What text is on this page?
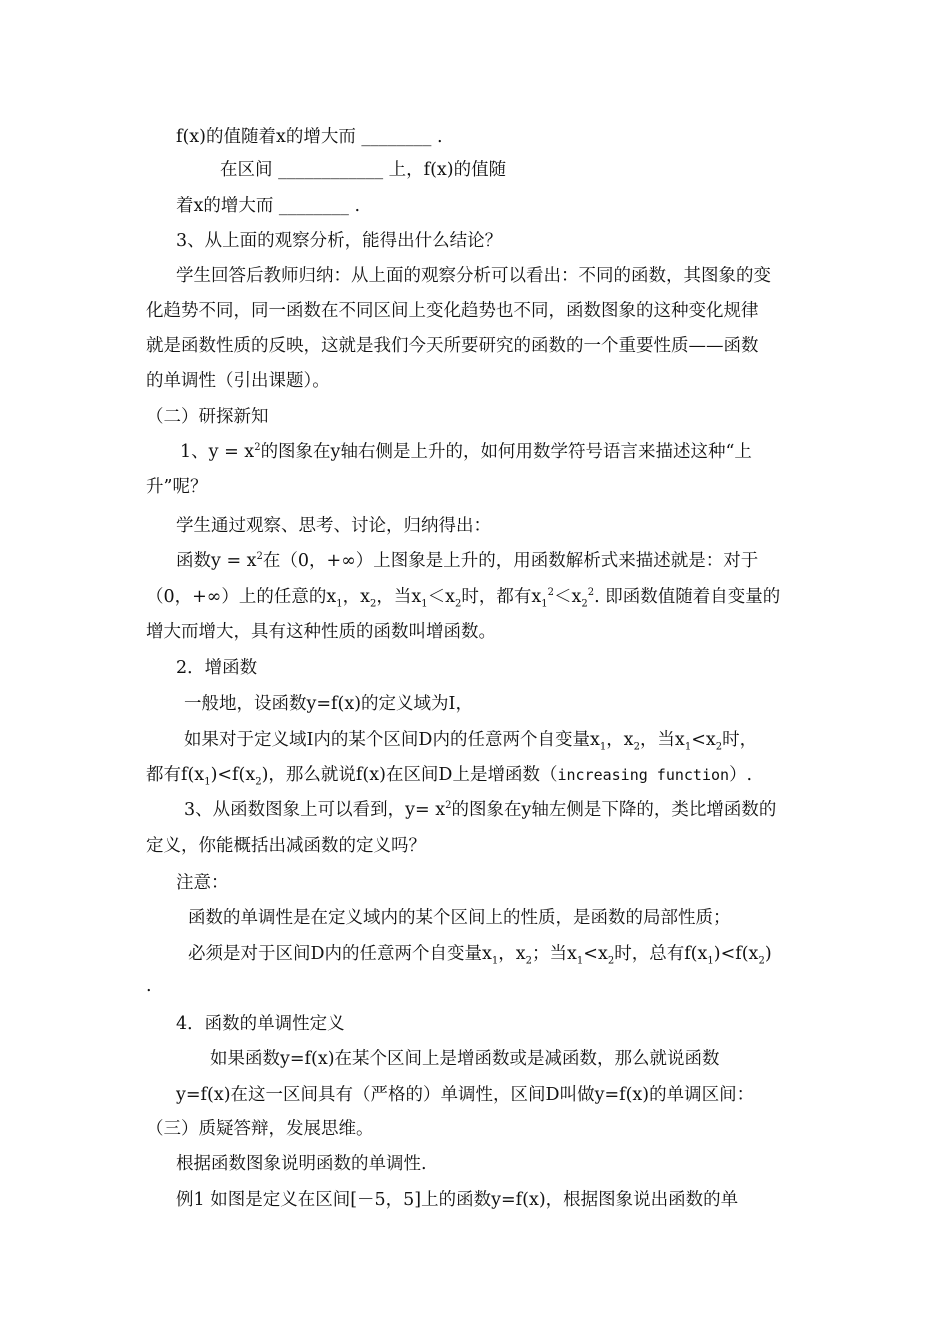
f(x)的值随着x的增大而 ________ .
在区间 ____________ 上，f(x)的值随
着x的增大而 ________ .
3、从上面的观察分析，能得出什么结论？
学生回答后教师归纳：从上面的观察分析可以看出：不同的函数，其图象的变
化趋势不同，同一函数在不同区间上变化趋势也不同，函数图象的这种变化规律
就是函数性质的反映，这就是我们今天所要研究的函数的一个重要性质——函数
的单调性（引出课题）。
（二）研探新知
1、$y = x^2$的图象在y轴右侧是上升的，如何用数学符号语言来描述这种“上
升”呢？
学生通过观察、思考、讨论，归纳得出：
函数$y = x^2$在（0，+∞）上图象是上升的，用函数解析式来描述就是：对于
（0，+∞）上的任意的$x_1$，$x_2$，当$x_1<x_2$时，都有$x_1^2<x_2^2$. 即函数值随着自变量的
增大而增大，具有这种性质的函数叫增函数。
2．增函数
一般地，设函数y=f(x)的定义域为I，
如果对于定义域I内的某个区间D内的任意两个自变量$x_1$，$x_2$，当$x_1<x_2$时，
都有$f(x_1)<f(x_2)$，那么就说f(x)在区间D上是增函数（increasing function）.
3、从函数图象上可以看到，$y= x^2$的图象在y轴左侧是下降的，类比增函数的
定义，你能概括出减函数的定义吗？
注意：
函数的单调性是在定义域内的某个区间上的性质，是函数的局部性质；
必须是对于区间D内的任意两个自变量$x_1$，$x_2$；当$x_1<x_2$时，总有$f(x_1)<f(x_2)$
.
4．函数的单调性定义
如果函数y=f(x)在某个区间上是增函数或是减函数，那么就说函数
y=f(x)在这一区间具有（严格的）单调性，区间D叫做y=f(x)的单调区间：
（三）质疑答辩，发展思维。
根据函数图象说明函数的单调性.
例1 如图是定义在区间[－5，5]上的函数y=f(x)，根据图象说出函数的单
